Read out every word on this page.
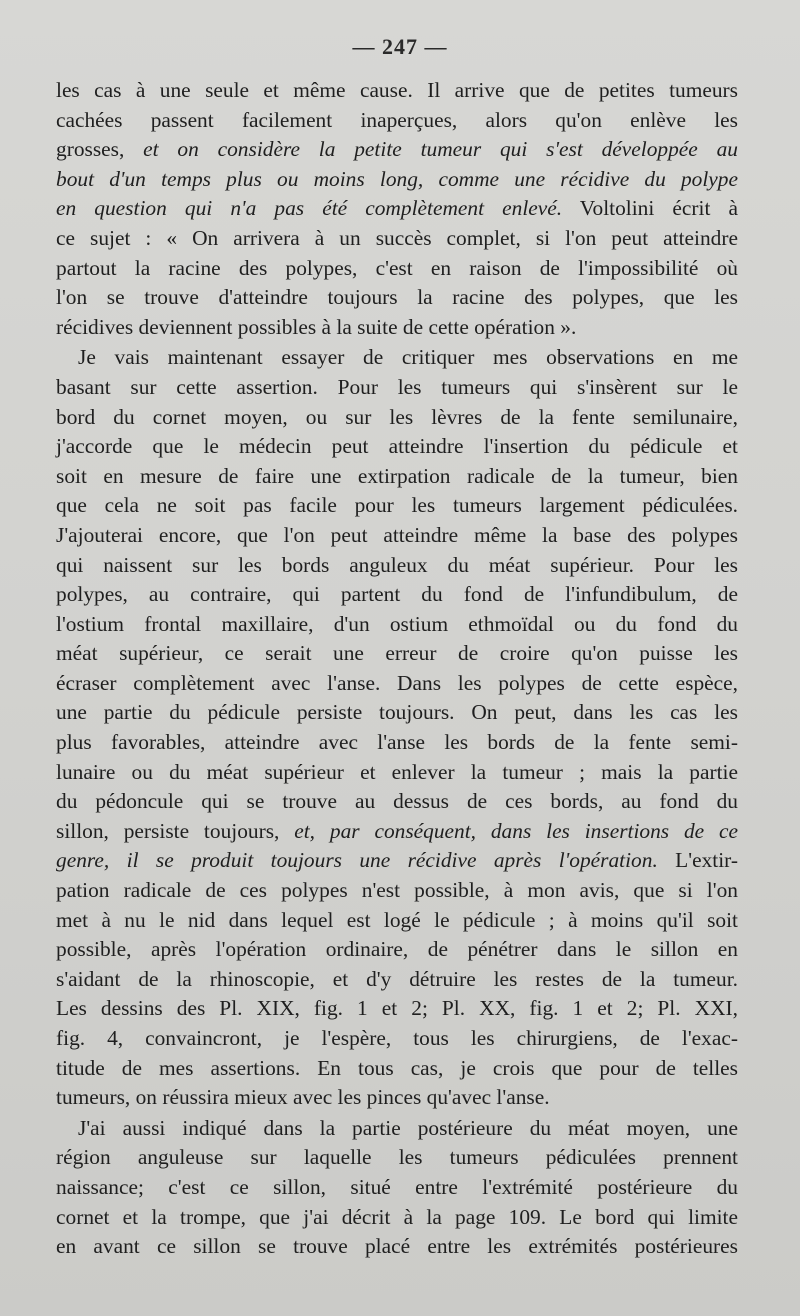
— 247 —

les cas à une seule et même cause. Il arrive que de petites tumeurs
cachées passent facilement inaperçues, alors qu'on enlève les
grosses, et on considère la petite tumeur qui s'est développée au
bout d'un temps plus ou moins long, comme une récidive du polype
en question qui n'a pas été complètement enlevé. Voltolini écrit à
ce sujet : « On arrivera à un succès complet, si l'on peut atteindre
partout la racine des polypes, c'est en raison de l'impossibilité où
l'on se trouve d'atteindre toujours la racine des polypes, que les
récidives deviennent possibles à la suite de cette opération ».

Je vais maintenant essayer de critiquer mes observations en me
basant sur cette assertion. Pour les tumeurs qui s'insèrent sur le
bord du cornet moyen, ou sur les lèvres de la fente semilunaire,
j'accorde que le médecin peut atteindre l'insertion du pédicule et
soit en mesure de faire une extirpation radicale de la tumeur, bien
que cela ne soit pas facile pour les tumeurs largement pédiculées.
J'ajouterai encore, que l'on peut atteindre même la base des polypes
qui naissent sur les bords anguleux du méat supérieur. Pour les
polypes, au contraire, qui partent du fond de l'infundibulum, de
l'ostium frontal maxillaire, d'un ostium ethmoïdal ou du fond du
méat supérieur, ce serait une erreur de croire qu'on puisse les
écraser complètement avec l'anse. Dans les polypes de cette espèce,
une partie du pédicule persiste toujours. On peut, dans les cas les
plus favorables, atteindre avec l'anse les bords de la fente semi-
lunaire ou du méat supérieur et enlever la tumeur ; mais la partie
du pédoncule qui se trouve au dessus de ces bords, au fond du
sillon, persiste toujours, et, par conséquent, dans les insertions de ce
genre, il se produit toujours une récidive après l'opération. L'extir-
pation radicale de ces polypes n'est possible, à mon avis, que si l'on
met à nu le nid dans lequel est logé le pédicule ; à moins qu'il soit
possible, après l'opération ordinaire, de pénétrer dans le sillon en
s'aidant de la rhinoscopie, et d'y détruire les restes de la tumeur.
Les dessins des Pl. XIX, fig. 1 et 2; Pl. XX, fig. 1 et 2; Pl. XXI,
fig. 4, convaincront, je l'espère, tous les chirurgiens, de l'exac-
titude de mes assertions. En tous cas, je crois que pour de telles
tumeurs, on réussira mieux avec les pinces qu'avec l'anse.

J'ai aussi indiqué dans la partie postérieure du méat moyen, une
région anguleuse sur laquelle les tumeurs pédiculées prennent
naissance; c'est ce sillon, situé entre l'extrémité postérieure du
cornet et la trompe, que j'ai décrit à la page 109. Le bord qui limite
en avant ce sillon se trouve placé entre les extrémités postérieures
